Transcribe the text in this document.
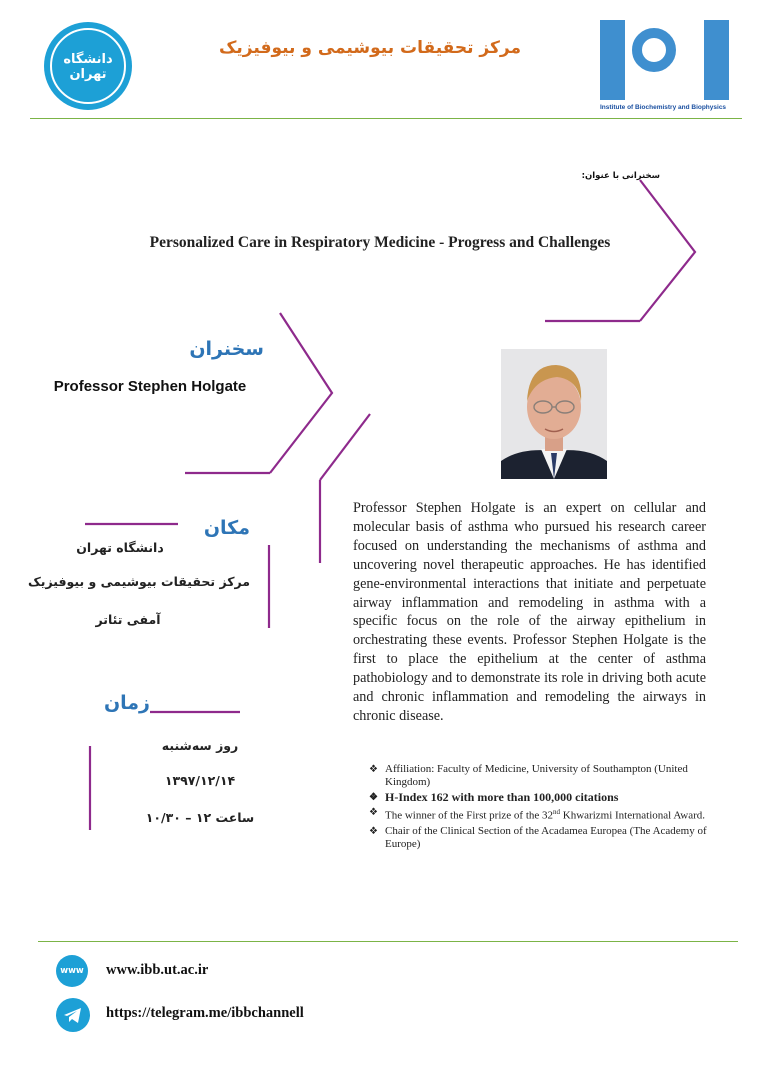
دانشگاه تهران
مرکز تحقیقات بیوشیمی و بیوفیزیک
Institute of Biochemistry and Biophysics
سخنرانی با عنوان:
Personalized Care in Respiratory Medicine - Progress and Challenges
سخنران
Professor Stephen Holgate
مکان
دانشگاه تهران
مرکز تحقیقات بیوشیمی و بیوفیزیک
آمفی تئاتر
زمان
روز سه‌شنبه
۱۳۹۷/۱۲/۱۴
ساعت ۱۲ – ۱۰/۳۰
Professor Stephen Holgate is an expert on cellular and molecular basis of asthma who pursued his research career focused on understanding the mechanisms of asthma and uncovering novel therapeutic approaches. He has identified gene-environmental interactions that initiate and perpetuate airway inflammation and remodeling in asthma with a specific focus on the role of the airway epithelium in orchestrating these events. Professor Stephen Holgate is the first to place the epithelium at the center of asthma pathobiology and to demonstrate its role in driving both acute and chronic inflammation and remodeling the airways in chronic disease.
❖ Affiliation: Faculty of Medicine, University of Southampton (United Kingdom)
❖ H-Index 162 with more than 100,000 citations
❖ The winner of the First prize of the 32nd Khwarizmi International Award.
❖ Chair of the Clinical Section of the Acadamea Europea (The Academy of Europe)
www www.ibb.ut.ac.ir
https://telegram.me/ibbchannell
